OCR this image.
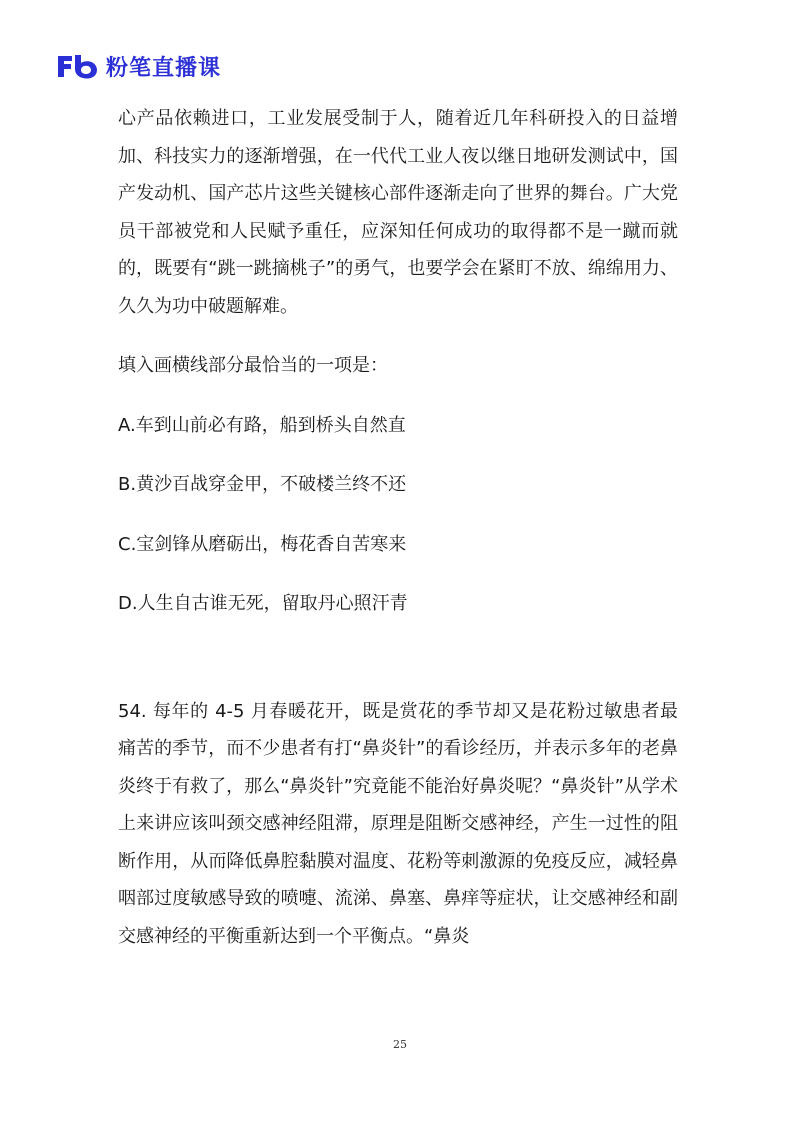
粉笔直播课

心产品依赖进口，工业发展受制于人，随着近几年科研投入的日益增加、科技实力的逐渐增强，在一代代工业人夜以继日地研发测试中，国产发动机、国产芯片这些关键核心部件逐渐走向了世界的舞台。广大党员干部被党和人民赋予重任，应深知任何成功的取得都不是一蹴而就的，既要有“跳一跳摘桃子”的勇气，也要学会在紧盯不放、绵绵用力、久久为功中破题解难。

填入画横线部分最恰当的一项是：

A.车到山前必有路，船到桥头自然直

B.黄沙百战穿金甲，不破楼兰终不还

C.宝剑锋从磨砺出，梅花香自苦寒来

D.人生自古谁无死，留取丹心照汗青

54. 每年的 4-5 月春暖花开，既是赏花的季节却又是花粉过敏患者最痛苦的季节，而不少患者有打“鼻炎针”的看诊经历，并表示多年的老鼻炎终于有救了，那么“鼻炎针”究竟能不能治好鼻炎呢？“鼻炎针”从学术上来讲应该叫颈交感神经阻滞，原理是阻断交感神经，产生一过性的阻断作用，从而降低鼻腔黏膜对温度、花粉等刺激源的免疫反应，减轻鼻咽部过度敏感导致的喷嚏、流涕、鼻塞、鼻痒等症状，让交感神经和副交感神经的平衡重新达到一个平衡点。“鼻炎

25
